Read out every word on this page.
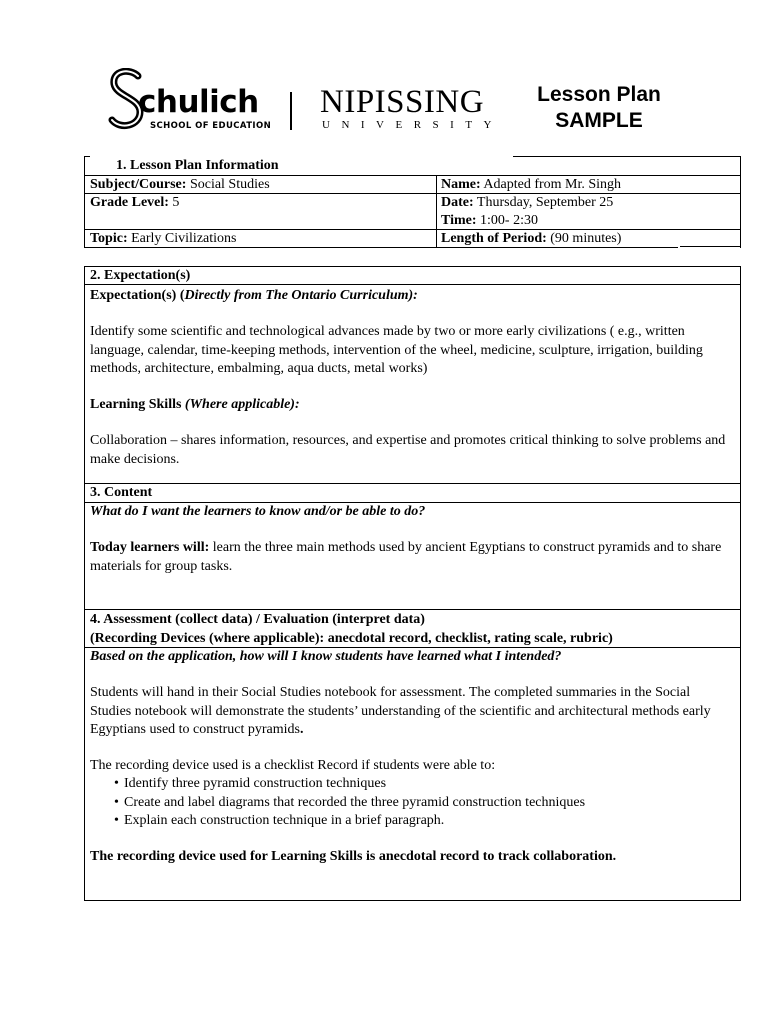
chulich
SCHOOL OF EDUCATION
NIPISSING
UNIVERSITY
Lesson Plan
SAMPLE
1. Lesson Plan Information
Subject/Course: Social Studies	Name: Adapted from Mr. Singh
Grade Level: 5	Date: Thursday, September 25
Time: 1:00- 2:30
Topic: Early Civilizations	Length of Period: (90 minutes)
2. Expectation(s)

Expectation(s) (Directly from The Ontario Curriculum):

Identify some scientific and technological advances made by two or more early civilizations ( e.g., written language, calendar, time-keeping methods, intervention of the wheel, medicine, sculpture, irrigation, building methods, architecture, embalming, aqua ducts, metal works)

Learning Skills (Where applicable):

Collaboration – shares information, resources, and expertise and promotes critical thinking to solve problems and make decisions.

3. Content

What do I want the learners to know and/or be able to do?

Today learners will: learn the three main methods used by ancient Egyptians to construct pyramids and to share materials for group tasks.

4. Assessment (collect data) / Evaluation (interpret data)
(Recording Devices (where applicable): anecdotal record, checklist, rating scale, rubric)

Based on the application, how will I know students have learned what I intended?

Students will hand in their Social Studies notebook for assessment. The completed summaries in the Social Studies notebook will demonstrate the students’ understanding of the scientific and architectural methods early Egyptians used to construct pyramids.

The recording device used is a checklist Record if students were able to:

• Identify three pyramid construction techniques
• Create and label diagrams that recorded the three pyramid construction techniques
• Explain each construction technique in a brief paragraph.

The recording device used for Learning Skills is anecdotal record to track collaboration.
